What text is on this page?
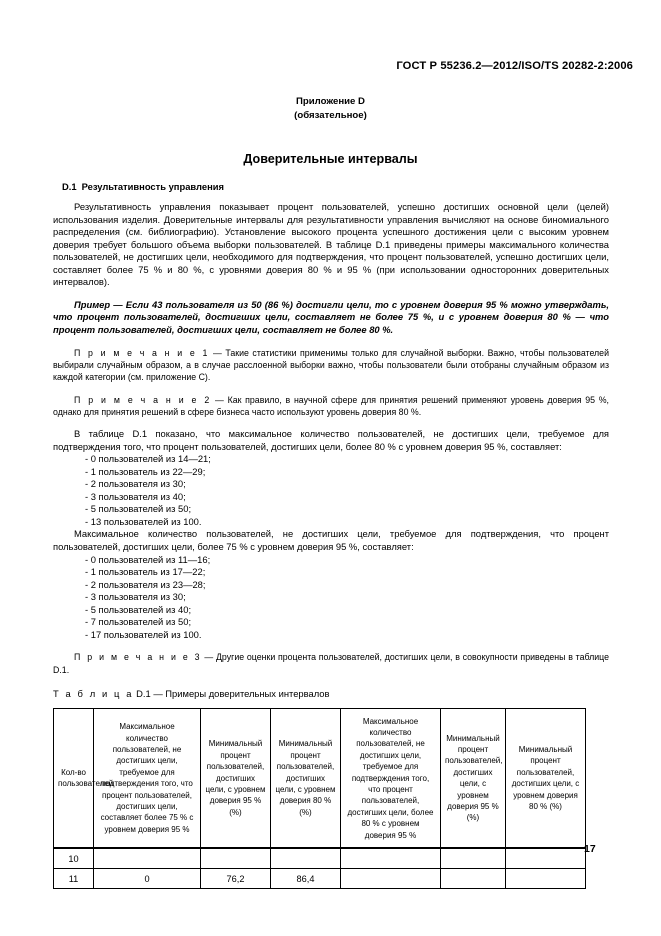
ГОСТ Р 55236.2—2012/ISO/TS 20282-2:2006
Приложение D
(обязательное)
Доверительные интервалы
D.1 Результативность управления

Результативность управления показывает процент пользователей, успешно достигших основной цели (целей) использования изделия. Доверительные интервалы для результативности управления вычисляют на основе биномиального распределения (см. библиографию). Установление высокого процента успешного достижения цели с высоким уровнем доверия требует большого объема выборки пользователей. В таблице D.1 приведены примеры максимального количества пользователей, не достигших цели, необходимого для подтверждения, что процент пользователей, успешно достигших цели, составляет более 75 % и 80 %, с уровнями доверия 80 % и 95 % (при использовании односторонних доверительных интервалов).

Пример — Если 43 пользователя из 50 (86 %) достигли цели, то с уровнем доверия 95 % можно утверждать, что процент пользователей, достигших цели, составляет не более 75 %, и с уровнем доверия 80 % — что процент пользователей, достигших цели, составляет не более 80 %.

П р и м е ч а н и е 1 — Такие статистики применимы только для случайной выборки. Важно, чтобы пользователей выбирали случайным образом, а в случае расслоенной выборки важно, чтобы пользователи были отобраны случайным образом из каждой категории (см. приложение С).

П р и м е ч а н и е 2 — Как правило, в научной сфере для принятия решений применяют уровень доверия 95 %, однако для принятия решений в сфере бизнеса часто используют уровень доверия 80 %.

В таблице D.1 показано, что максимальное количество пользователей, не достигших цели, требуемое для подтверждения того, что процент пользователей, достигших цели, более 80 % с уровнем доверия 95 %, составляет:

- 0 пользователей из 14—21;
- 1 пользователь из 22—29;
- 2 пользователя из 30;
- 3 пользователя из 40;
- 5 пользователей из 50;
- 13 пользователей из 100.

Максимальное количество пользователей, не достигших цели, требуемое для подтверждения, что процент пользователей, достигших цели, более 75 % с уровнем доверия 95 %, составляет:

- 0 пользователей из 11—16;
- 1 пользователь из 17—22;
- 2 пользователя из 23—28;
- 3 пользователя из 30;
- 5 пользователей из 40;
- 7 пользователей из 50;
- 17 пользователей из 100.

П р и м е ч а н и е 3 — Другие оценки процента пользователей, достигших цели, в совокупности приведены в таблице D.1.

Т а б л и ц а D.1 — Примеры доверительных интервалов
Кол-во пользователей	Максимальное количество пользователей, не достигших цели, требуемое для подтверждения того, что процент пользователей, достигших цели, составляет более 75 % с уровнем доверия 95 %	Минимальный процент пользователей, достигших цели, с уровнем доверия 95 % (%)	Минимальный процент пользователей, достигших цели, с уровнем доверия 80 % (%)	Максимальное количество пользователей, не достигших цели, требуемое для подтверждения того, что процент пользователей, достигших цели, более 80 % с уровнем доверия 95 %	Минимальный процент пользователей, достигших цели, с уровнем доверия 95 % (%)	Минимальный процент пользователей, достигших цели, с уровнем доверия 80 % (%)
10						
11	0	76,2	86,4			
17
